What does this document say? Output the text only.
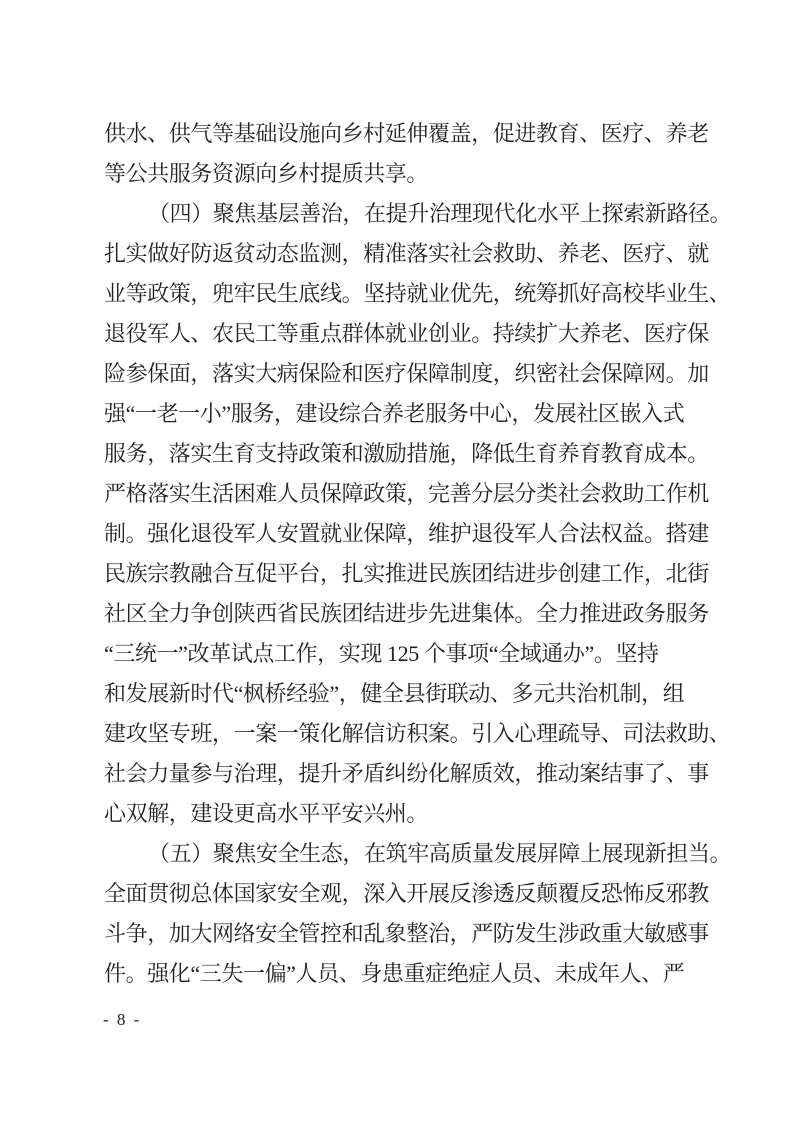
供水、供气等基础设施向乡村延伸覆盖，促进教育、医疗、养老
等公共服务资源向乡村提质共享。
（四）聚焦基层善治，在提升治理现代化水平上探索新路径。
扎实做好防返贫动态监测，精准落实社会救助、养老、医疗、就
业等政策，兜牢民生底线。坚持就业优先，统筹抓好高校毕业生、
退役军人、农民工等重点群体就业创业。持续扩大养老、医疗保
险参保面，落实大病保险和医疗保障制度，织密社会保障网。加
强“一老一小”服务，建设综合养老服务中心，发展社区嵌入式
服务，落实生育支持政策和激励措施，降低生育养育教育成本。
严格落实生活困难人员保障政策，完善分层分类社会救助工作机
制。强化退役军人安置就业保障，维护退役军人合法权益。搭建
民族宗教融合互促平台，扎实推进民族团结进步创建工作，北街
社区全力争创陕西省民族团结进步先进集体。全力推进政务服务
“三统一”改革试点工作，实现 125 个事项“全域通办”。坚持
和发展新时代“枫桥经验”，健全县街联动、多元共治机制，组
建攻坚专班，一案一策化解信访积案。引入心理疏导、司法救助、
社会力量参与治理，提升矛盾纠纷化解质效，推动案结事了、事
心双解，建设更高水平平安兴州。
（五）聚焦安全生态，在筑牢高质量发展屏障上展现新担当。
全面贯彻总体国家安全观，深入开展反渗透反颠覆反恐怖反邪教
斗争，加大网络安全管控和乱象整治，严防发生涉政重大敏感事
件。强化“三失一偏”人员、身患重症绝症人员、未成年人、严
- 8 -
